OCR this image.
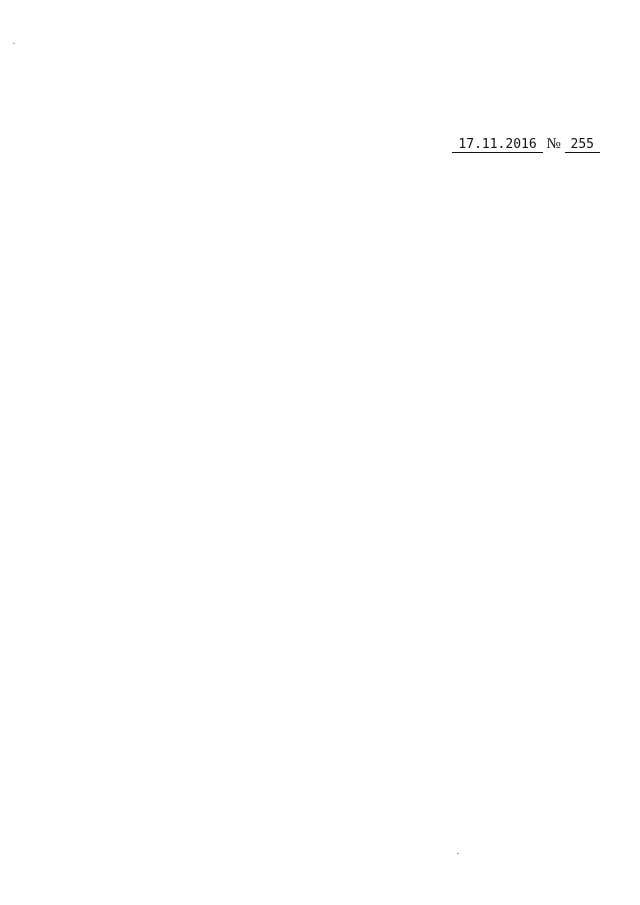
17.11.2016 № 255
·
·
